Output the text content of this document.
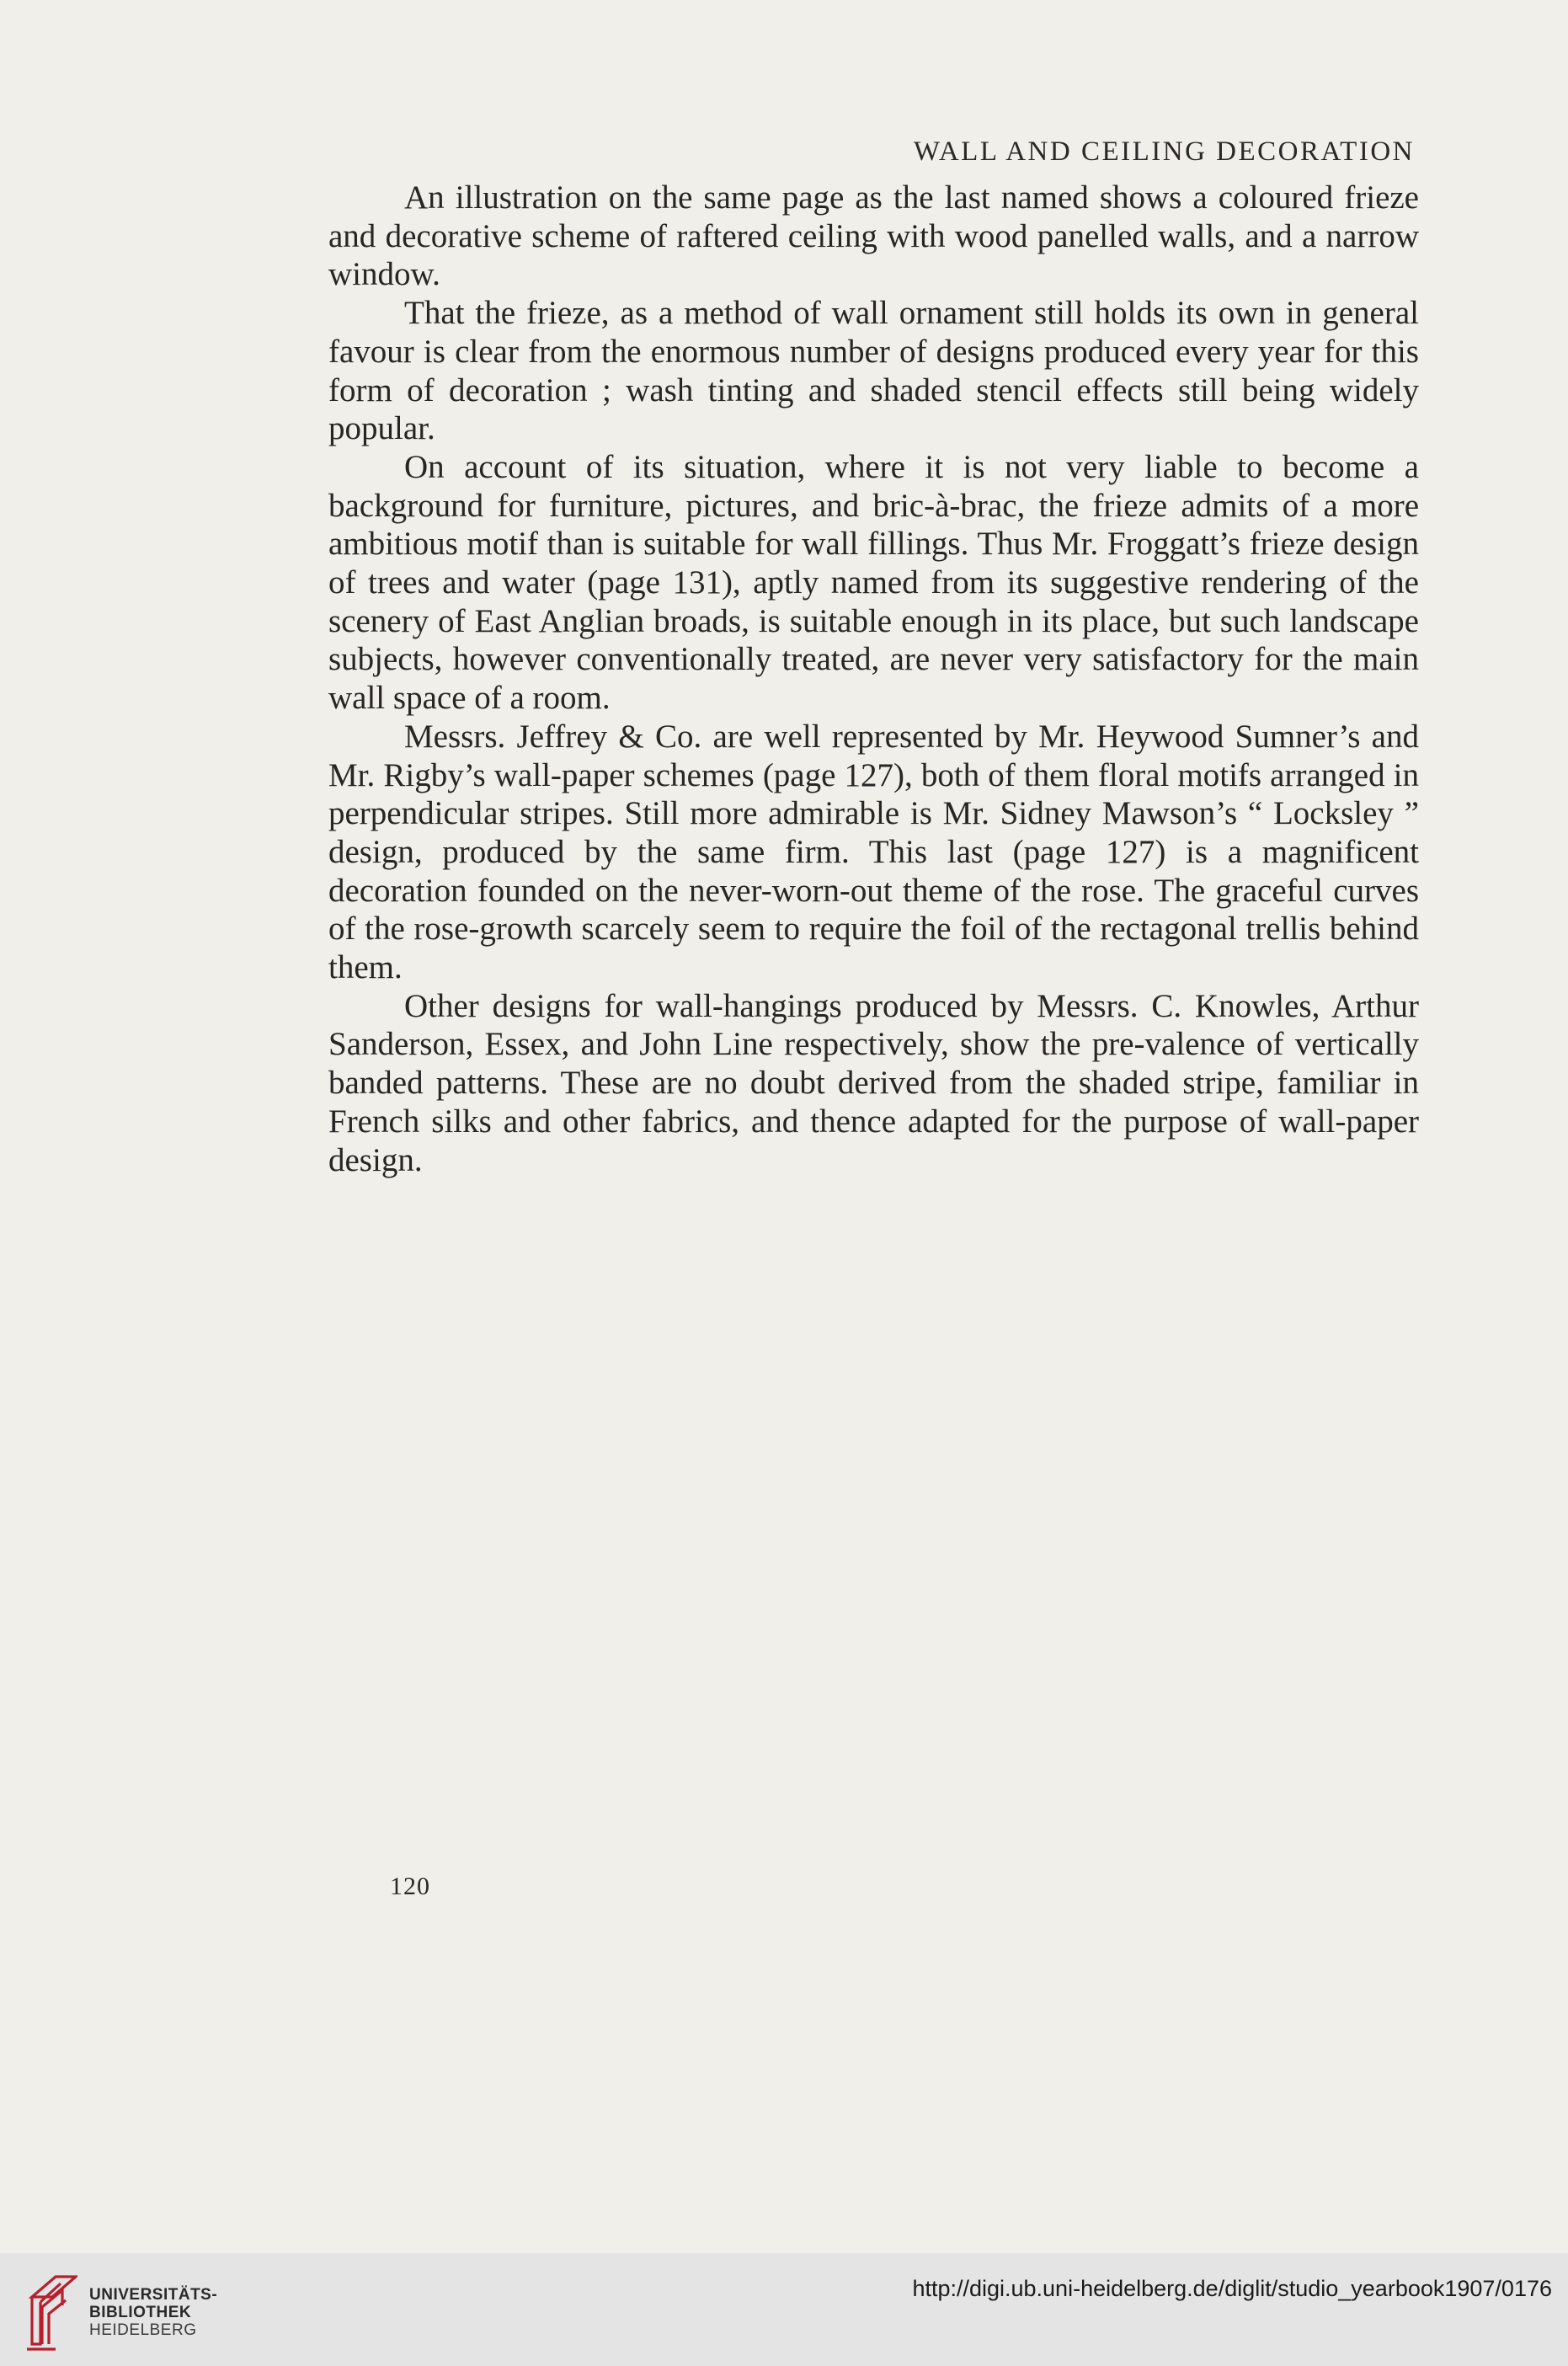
WALL AND CEILING DECORATION

An illustration on the same page as the last named shows a coloured frieze and decorative scheme of raftered ceiling with wood panelled walls, and a narrow window.

That the frieze, as a method of wall ornament still holds its own in general favour is clear from the enormous number of designs produced every year for this form of decoration ; wash tinting and shaded stencil effects still being widely popular.

On account of its situation, where it is not very liable to become a background for furniture, pictures, and bric-à-brac, the frieze admits of a more ambitious motif than is suitable for wall fillings. Thus Mr. Froggatt’s frieze design of trees and water (page 131), aptly named from its suggestive rendering of the scenery of East Anglian broads, is suitable enough in its place, but such landscape subjects, however conventionally treated, are never very satisfactory for the main wall space of a room.

Messrs. Jeffrey & Co. are well represented by Mr. Heywood Sumner’s and Mr. Rigby’s wall-paper schemes (page 127), both of them floral motifs arranged in perpendicular stripes. Still more admirable is Mr. Sidney Mawson’s “ Locksley ” design, produced by the same firm. This last (page 127) is a magnificent decoration founded on the never-worn-out theme of the rose. The graceful curves of the rose-growth scarcely seem to require the foil of the rectagonal trellis behind them.

Other designs for wall-hangings produced by Messrs. C. Knowles, Arthur Sanderson, Essex, and John Line respectively, show the pre-valence of vertically banded patterns. These are no doubt derived from the shaded stripe, familiar in French silks and other fabrics, and thence adapted for the purpose of wall-paper design.

120
UNIVERSITÄTS-
BIBLIOTHEK
HEIDELBERG
http://digi.ub.uni-heidelberg.de/diglit/studio_yearbook1907/0176
